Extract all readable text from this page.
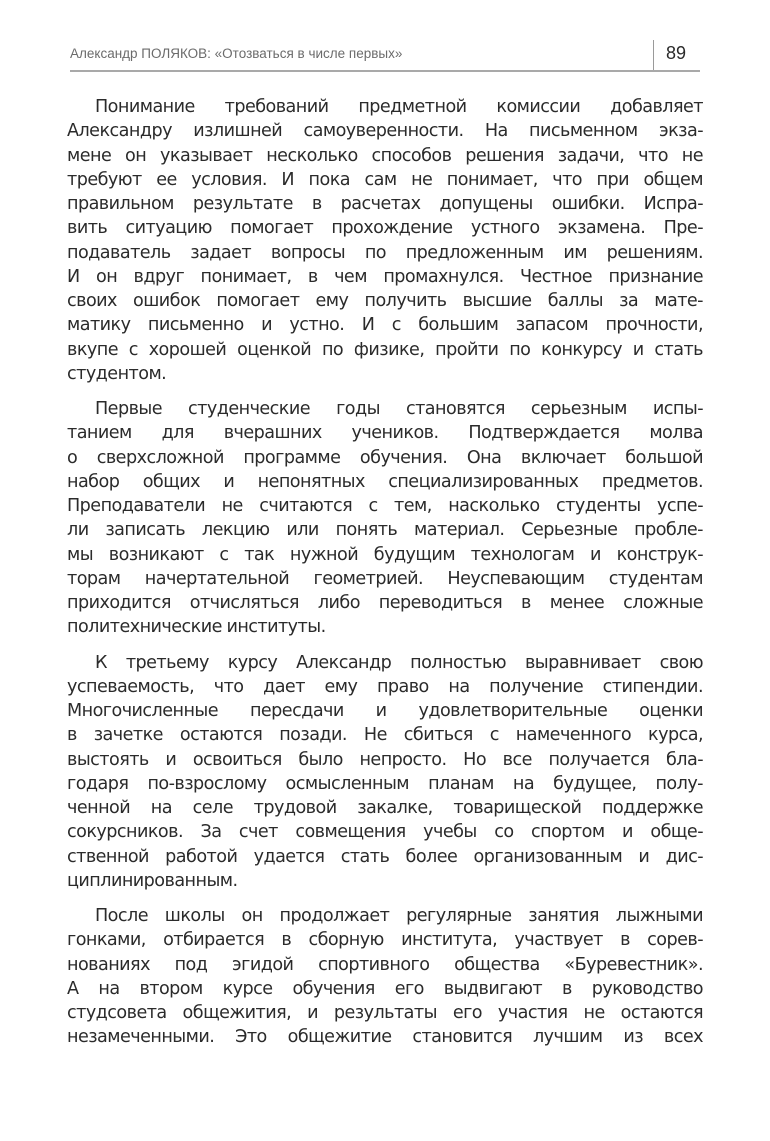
Александр ПОЛЯКОВ: «Отозваться в числе первых»	89

Понимание требований предметной комиссии добавляет
Александру излишней самоуверенности. На письменном экза-
мене он указывает несколько способов решения задачи, что не
требуют ее условия. И пока сам не понимает, что при общем
правильном результате в расчетах допущены ошибки. Испра-
вить ситуацию помогает прохождение устного экзамена. Пре-
подаватель задает вопросы по предложенным им решениям.
И он вдруг понимает, в чем промахнулся. Честное признание
своих ошибок помогает ему получить высшие баллы за мате-
матику письменно и устно. И с большим запасом прочности,
вкупе с хорошей оценкой по физике, пройти по конкурсу и стать
студентом.

Первые студенческие годы становятся серьезным испы-
танием для вчерашних учеников. Подтверждается молва
о сверхсложной программе обучения. Она включает большой
набор общих и непонятных специализированных предметов.
Преподаватели не считаются с тем, насколько студенты успе-
ли записать лекцию или понять материал. Серьезные пробле-
мы возникают с так нужной будущим технологам и конструк-
торам начертательной геометрией. Неуспевающим студентам
приходится отчисляться либо переводиться в менее сложные
политехнические институты.

К третьему курсу Александр полностью выравнивает свою
успеваемость, что дает ему право на получение стипендии.
Многочисленные пересдачи и удовлетворительные оценки
в зачетке остаются позади. Не сбиться с намеченного курса,
выстоять и освоиться было непросто. Но все получается бла-
годаря по-взрослому осмысленным планам на будущее, полу-
ченной на селе трудовой закалке, товарищеской поддержке
сокурсников. За счет совмещения учебы со спортом и обще-
ственной работой удается стать более организованным и дис-
циплинированным.

После школы он продолжает регулярные занятия лыжными
гонками, отбирается в сборную института, участвует в сорев-
нованиях под эгидой спортивного общества «Буревестник».
А на втором курсе обучения его выдвигают в руководство
студсовета общежития, и результаты его участия не остаются
незамеченными. Это общежитие становится лучшим из всех
